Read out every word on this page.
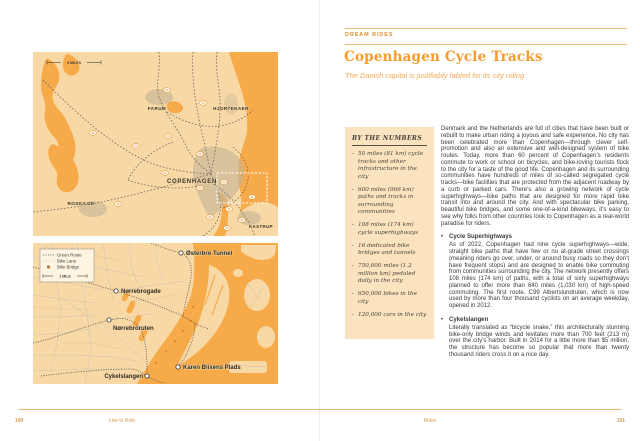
5 MILES
FARUM	HJORTEKAER
COPENHAGEN
ROSKILDE
KASTRUP
Østerbro Tunnel
Nørrebrogade
Nørrebroruten
Cykelslangen
Karen Blixens Plads
Green Route
Bike Lane
Bike Bridge
1 MILE
DREAM RIDES
Copenhagen Cycle Tracks
The Danish capital is justifiably fabled for its city riding
BY THE NUMBERS
- 50 miles (81 km) cycle tracks and other infrastructure in the city
- 600 miles (966 km) paths and tracks in surrounding communities
- 108 miles (174 km) cycle superhighways
- 16 dedicated bike bridges and tunnels
- 750,000 miles (1.2 million km) pedaled daily in the city
- 650,000 bikes in the city
- 120,000 cars in the city

Denmark and the Netherlands are full of cities that have been built or rebuilt to make urban riding a joyous and safe experience. No city has been celebrated more than Copenhagen—through clever self-promotion and also an extensive and well-designed system of bike routes. Today, more than 60 percent of Copenhagen’s residents commute to work or school on bicycles, and bike-loving tourists flock to the city for a taste of the good life. Copenhagen and its surrounding communities have hundreds of miles of so-called segregated cycle tracks—bike facilities that are protected from the adjacent roadway by a curb or parked cars. There’s also a growing network of cycle superhighways—bike paths that are designed for more rapid bike transit into and around the city. And with spectacular bike parking, beautiful bike bridges, and some one-of-a-kind bikeways, it’s easy to see why folks from other countries look to Copenhagen as a real-world paradise for riders.

•
Cycle Superhighways
As of 2022, Copenhagen had nine cycle superhighways—wide, straight bike paths that have few or no at-grade street crossings (meaning riders go over, under, or around busy roads so they don’t have frequent stops) and are designed to enable bike commuting from communities surrounding the city. The network presently offers 108 miles (174 km) of paths, with a total of sixty superhighways planned to offer more than 640 miles (1,030 km) of high-speed commuting. The first route, C99 Albertslundruten, which is now used by more than four thousand cyclists on an average weekday, opened in 2012.
•
Cykelslangen
Literally translated as “bicycle snake,” this architecturally stunning bike-only bridge winds and levitates more than 700 feet (213 m) over the city’s harbor. Built in 2014 for a little more than $5 million, the structure has become so popular that more than twenty thousand riders cross it on a nice day.
100	Live to Ride	Rides	101
